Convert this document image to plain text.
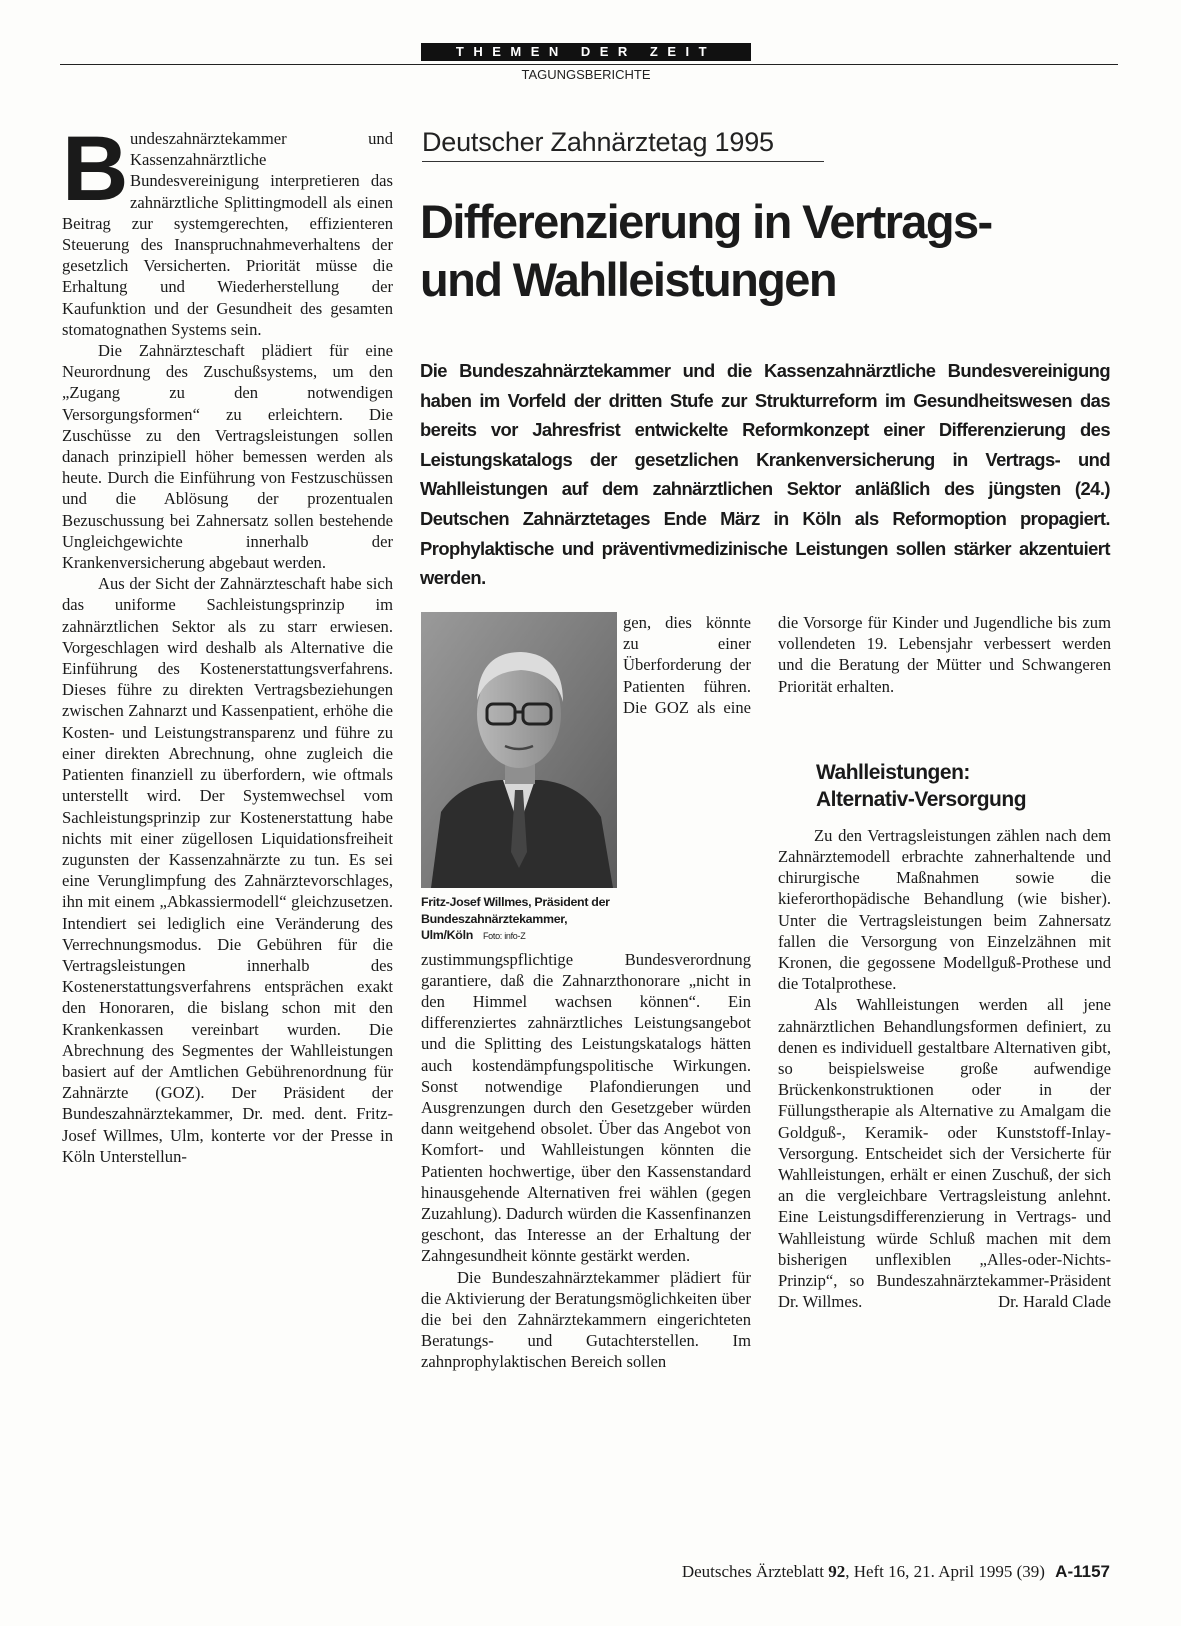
THEMEN DER ZEIT
TAGUNGSBERICHTE

Bundeszahnärztekammer und Kassenzahnärztliche Bundesvereinigung interpretieren das zahnärztliche Splittingmodell als einen Beitrag zur systemgerechten, effizienteren Steuerung des Inanspruchnahmeverhaltens der gesetzlich Versicherten. Priorität müsse die Erhaltung und Wiederherstellung der Kaufunktion und der Gesundheit des gesamten stomatognathen Systems sein.

Die Zahnärzteschaft plädiert für eine Neurordnung des Zuschußsystems, um den „Zugang zu den notwendigen Versorgungsformen“ zu erleichtern. Die Zuschüsse zu den Vertragsleistungen sollen danach prinzipiell höher bemessen werden als heute. Durch die Einführung von Festzuschüssen und die Ablösung der prozentualen Bezuschussung bei Zahnersatz sollen bestehende Ungleichgewichte innerhalb der Krankenversicherung abgebaut werden.

Aus der Sicht der Zahnärzteschaft habe sich das uniforme Sachleistungsprinzip im zahnärztlichen Sektor als zu starr erwiesen. Vorgeschlagen wird deshalb als Alternative die Einführung des Kostenerstattungsverfahrens. Dieses führe zu direkten Vertragsbeziehungen zwischen Zahnarzt und Kassenpatient, erhöhe die Kosten- und Leistungstransparenz und führe zu einer direkten Abrechnung, ohne zugleich die Patienten finanziell zu überfordern, wie oftmals unterstellt wird. Der Systemwechsel vom Sachleistungsprinzip zur Kostenerstattung habe nichts mit einer zügellosen Liquidationsfreiheit zugunsten der Kassenzahnärzte zu tun. Es sei eine Verunglimpfung des Zahnärztevorschlages, ihn mit einem „Abkassiermodell“ gleichzusetzen. Intendiert sei lediglich eine Veränderung des Verrechnungsmodus. Die Gebühren für die Vertragsleistungen innerhalb des Kostenerstattungsverfahrens entsprächen exakt den Honoraren, die bislang schon mit den Krankenkassen vereinbart wurden. Die Abrechnung des Segmentes der Wahlleistungen basiert auf der Amtlichen Gebührenordnung für Zahnärzte (GOZ). Der Präsident der Bundeszahnärztekammer, Dr. med. dent. Fritz-Josef Willmes, Ulm, konterte vor der Presse in Köln Unterstellun-

Deutscher Zahnärztetag 1995
Differenzierung in Vertrags-
und Wahlleistungen
Die Bundeszahnärztekammer und die Kassenzahnärztliche Bundesvereinigung haben im Vorfeld der dritten Stufe zur Strukturreform im Gesundheitswesen das bereits vor Jahresfrist entwickelte Reformkonzept einer Differenzierung des Leistungskatalogs der gesetzlichen Krankenversicherung in Vertrags- und Wahlleistungen auf dem zahnärztlichen Sektor anläßlich des jüngsten (24.) Deutschen Zahnärztetages Ende März in Köln als Reformoption propagiert. Prophylaktische und präventivmedizinische Leistungen sollen stärker akzentuiert werden.

Fritz-Josef Willmes, Präsident der Bundeszahnärztekammer, Ulm/Köln Foto: info-Z
gen, dies könnte zu einer Überforderung der Patienten führen. Die GOZ als eine zustimmungspflichtige Bundesverordnung garantiere, daß die Zahnarzthonorare „nicht in den Himmel wachsen können“. Ein differenziertes zahnärztliches Leistungsangebot und die Splitting des Leistungskatalogs hätten auch kostendämpfungspolitische Wirkungen. Sonst notwendige Plafondierungen und Ausgrenzungen durch den Gesetzgeber würden dann weitgehend obsolet. Über das Angebot von Komfort- und Wahlleistungen könnten die Patienten hochwertige, über den Kassenstandard hinausgehende Alternativen frei wählen (gegen Zuzahlung). Dadurch würden die Kassenfinanzen geschont, das Interesse an der Erhaltung der Zahngesundheit könnte gestärkt werden.

Die Bundeszahnärztekammer plädiert für die Aktivierung der Beratungsmöglichkeiten über die bei den Zahnärztekammern eingerichteten Beratungs- und Gutachterstellen. Im zahnprophylaktischen Bereich sollen

die Vorsorge für Kinder und Jugendliche bis zum vollendeten 19. Lebensjahr verbessert werden und die Beratung der Mütter und Schwangeren Priorität erhalten.

Wahlleistungen:
Alternativ-Versorgung

Zu den Vertragsleistungen zählen nach dem Zahnärztemodell erbrachte zahnerhaltende und chirurgische Maßnahmen sowie die kieferorthopädische Behandlung (wie bisher). Unter die Vertragsleistungen beim Zahnersatz fallen die Versorgung von Einzelzähnen mit Kronen, die gegossene Modellguß-Prothese und die Totalprothese.

Als Wahlleistungen werden all jene zahnärztlichen Behandlungsformen definiert, zu denen es individuell gestaltbare Alternativen gibt, so beispielsweise große aufwendige Brückenkonstruktionen oder in der Füllungstherapie als Alternative zu Amalgam die Goldguß-, Keramik- oder Kunststoff-Inlay-Versorgung. Entscheidet sich der Versicherte für Wahlleistungen, erhält er einen Zuschuß, der sich an die vergleichbare Vertragsleistung anlehnt. Eine Leistungsdifferenzierung in Vertrags- und Wahlleistung würde Schluß machen mit dem bisherigen unflexiblen „Alles-oder-Nichts-Prinzip“, so Bundeszahnärztekammer-Präsident Dr. Willmes.	Dr. Harald Clade

Deutsches Ärzteblatt 92, Heft 16, 21. April 1995 (39) A-1157
